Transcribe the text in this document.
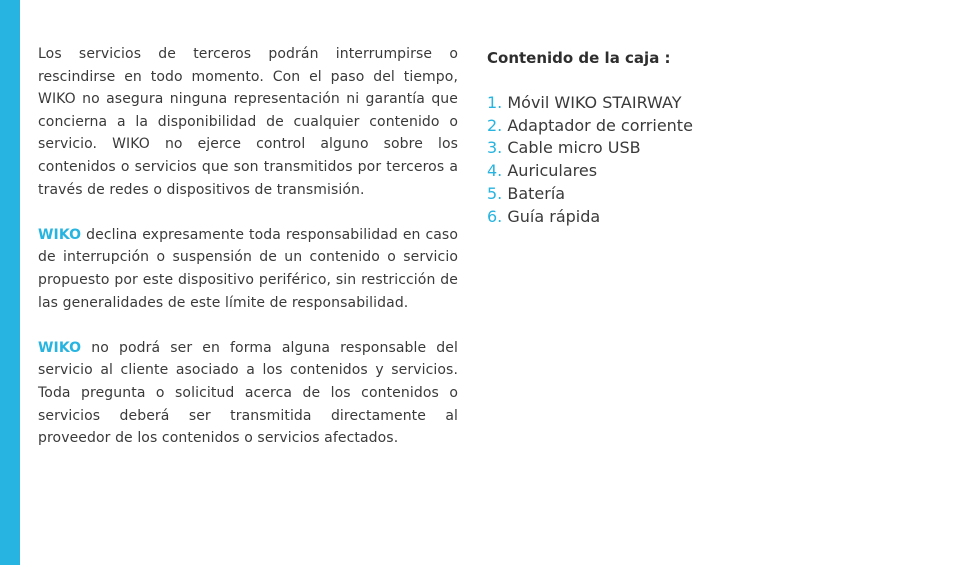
Los servicios de terceros podrán interrumpirse o rescindirse en todo momento. Con el paso del tiempo, WIKO no asegura ninguna representación ni garantía que concierna a la disponibilidad de cualquier contenido o servicio. WIKO no ejerce control alguno sobre los contenidos o servicios que son transmitidos por terceros a través de redes o dispositivos de transmisión.

WIKO declina expresamente toda responsabilidad en caso de interrupción o suspensión de un contenido o servicio propuesto por este dispositivo periférico, sin restricción de las generalidades de este límite de responsabilidad.

WIKO no podrá ser en forma alguna responsable del servicio al cliente asociado a los contenidos y servicios. Toda pregunta o solicitud acerca de los contenidos o servicios deberá ser transmitida directamente al proveedor de los contenidos o servicios afectados.

Contenido de la caja :
1. Móvil WIKO STAIRWAY
2. Adaptador de corriente
3. Cable micro USB
4. Auriculares
5. Batería
6. Guía rápida
